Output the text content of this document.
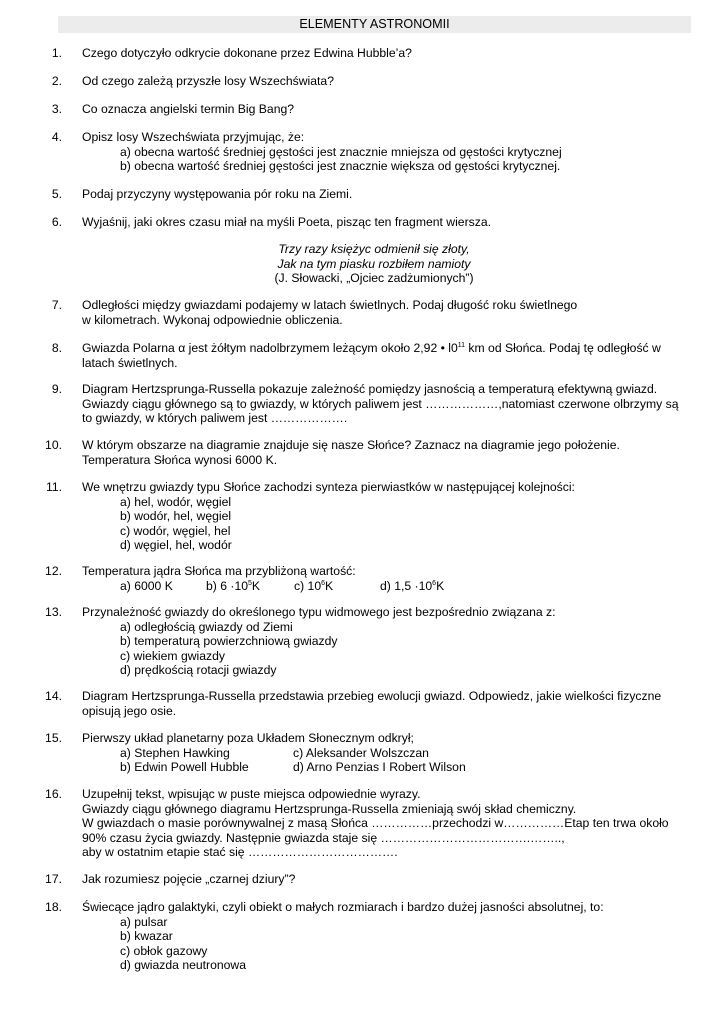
ELEMENTY ASTRONOMII
1. Czego dotyczyło odkrycie dokonane przez Edwina Hubble’a?
2. Od czego zależą przyszłe losy Wszechświata?
3. Co oznacza angielski termin Big Bang?
4. Opisz losy Wszechświata przyjmując, że:
a) obecna wartość średniej gęstości jest znacznie mniejsza od gęstości krytycznej
b) obecna wartość średniej gęstości jest znacznie większa od gęstości krytycznej.
5. Podaj przyczyny występowania pór roku na Ziemi.
6. Wyjaśnij, jaki okres czasu miał na myśli Poeta, pisząc ten fragment wiersza.
Trzy razy księżyc odmienił się złoty,
Jak na tym piasku rozbiłem namioty
(J. Słowacki, „Ojciec zadżumionych”)
7. Odległości między gwiazdami podajemy w latach świetlnych. Podaj długość roku świetlnego
w kilometrach. Wykonaj odpowiednie obliczenia.
8. Gwiazda Polarna α jest żółtym nadolbrzymem leżącym około 2,92 • $l0^{11}$ km od Słońca. Podaj tę odległość w
latach świetlnych.
9. Diagram Hertzsprunga-Russella pokazuje zależność pomiędzy jasnością a temperaturą efektywną gwiazd.
Gwiazdy ciągu głównego są to gwiazdy, w których paliwem jest ………………,natomiast czerwone olbrzymy są
to gwiazdy, w których paliwem jest ……………….
10. W którym obszarze na diagramie znajduje się nasze Słońce? Zaznacz na diagramie jego położenie.
Temperatura Słońca wynosi 6000 K.
11. We wnętrzu gwiazdy typu Słońce zachodzi synteza pierwiastków w następującej kolejności:
a) hel, wodór, węgiel
b) wodór, hel, węgiel
c) wodór, węgiel, hel
d) węgiel, hel, wodór
12. Temperatura jądra Słońca ma przybliżoną wartość:
a) 6000 K	b) $6 \cdot 10^5K$	c) $10^6K$	d) $1,5 \cdot 10^6K$
13. Przynależność gwiazdy do określonego typu widmowego jest bezpośrednio związana z:
a) odległością gwiazdy od Ziemi
b) temperaturą powierzchniową gwiazdy
c) wiekiem gwiazdy
d) prędkością rotacji gwiazdy
14. Diagram Hertzsprunga-Russella przedstawia przebieg ewolucji gwiazd. Odpowiedz, jakie wielkości fizyczne
opisują jego osie.
15. Pierwszy układ planetarny poza Układem Słonecznym odkrył;
a) Stephen Hawking	c) Aleksander Wolszczan
b) Edwin Powell Hubble	d) Arno Penzias I Robert Wilson
16. Uzupełnij tekst, wpisując w puste miejsca odpowiednie wyrazy.
Gwiazdy ciągu głównego diagramu Hertzsprunga-Russella zmieniają swój skład chemiczny.
W gwiazdach o masie porównywalnej z masą Słońca ……………przechodzi w……………Etap ten trwa około
90% czasu życia gwiazdy. Następnie gwiazda staje się ……………………………….……..,
aby w ostatnim etapie stać się ……………………………….
17. Jak rozumiesz pojęcie „czarnej dziury”?
18. Świecące jądro galaktyki, czyli obiekt o małych rozmiarach i bardzo dużej jasności absolutnej, to:
a) pulsar
b) kwazar
c) obłok gazowy
d) gwiazda neutronowa
